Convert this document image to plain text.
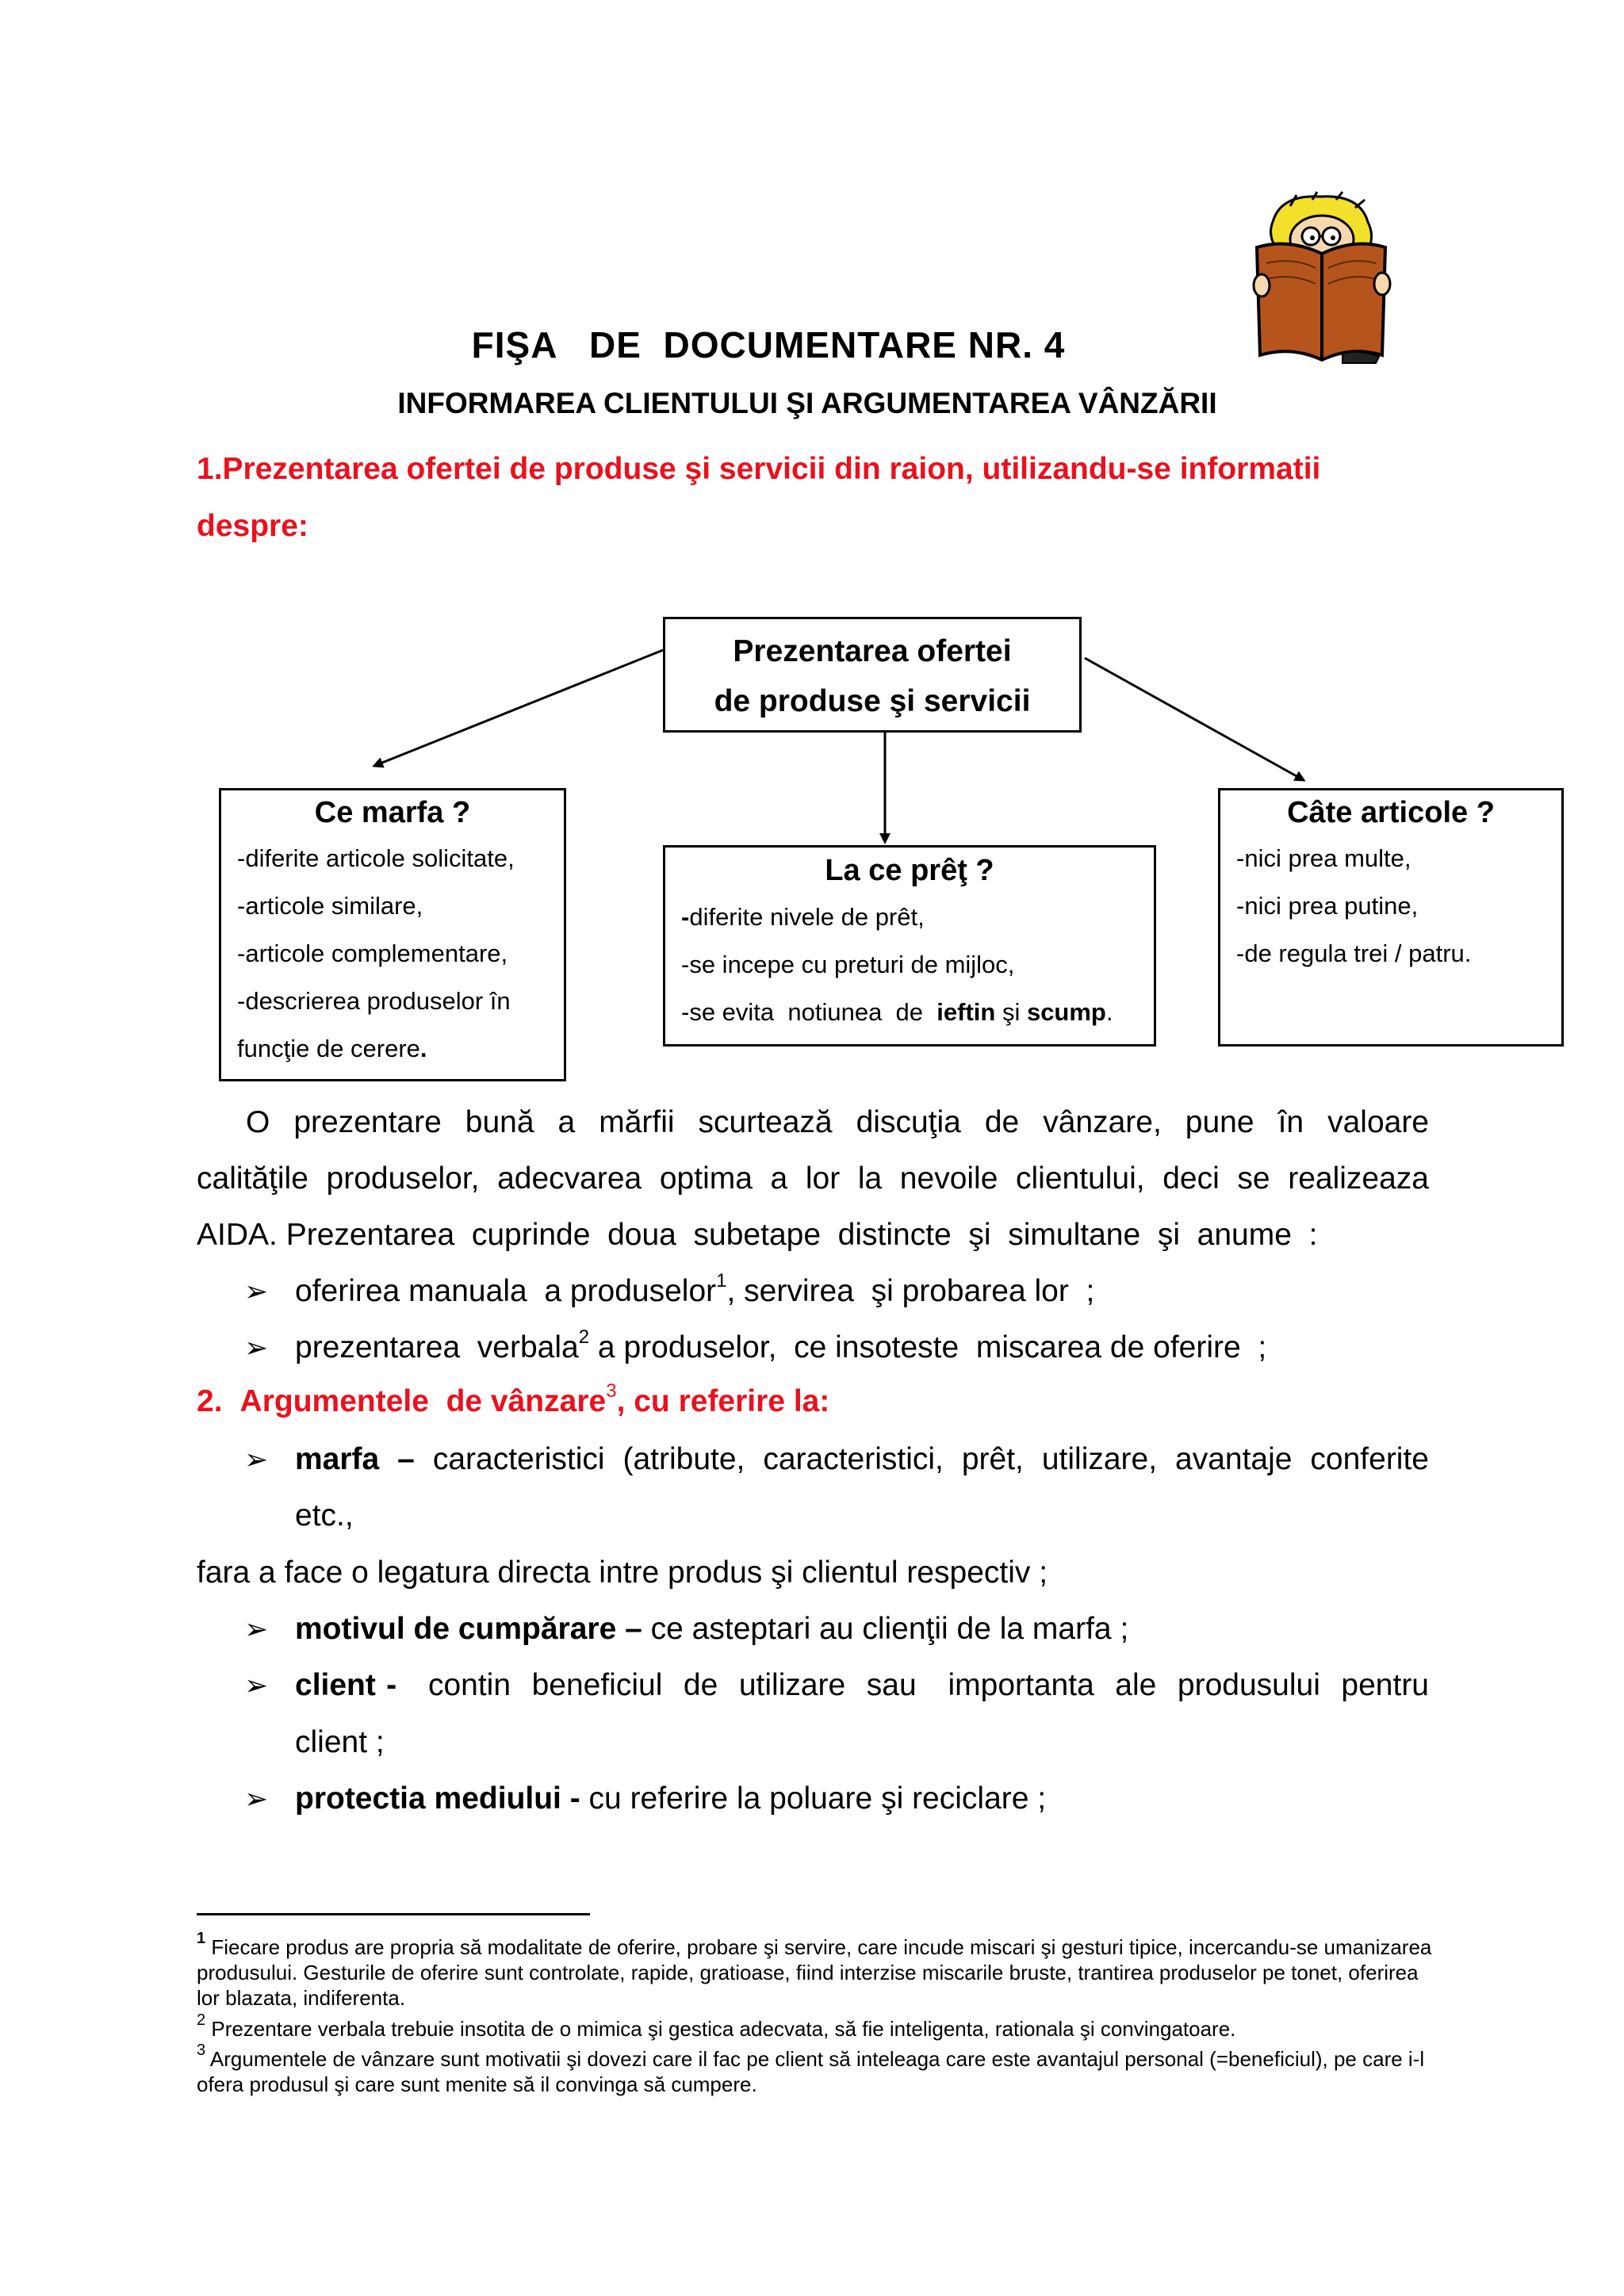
FIŞA   DE  DOCUMENTARE NR. 4
INFORMAREA CLIENTULUI ŞI ARGUMENTAREA VÂNZĂRII
1.Prezentarea ofertei de produse şi servicii din raion, utilizandu-se informatii
despre:
Prezentarea ofertei
de produse şi servicii
Ce marfa ?
-diferite articole solicitate,
-articole similare,
-articole complementare,
-descrierea produselor în
funcţie de cerere.
La ce prêţ ?
-diferite nivele de prêt,
-se incepe cu preturi de mijloc,
-se evita  notiunea  de  ieftin şi scump.
Câte articole ?
-nici prea multe,
-nici prea putine,
-de regula trei / patru.
O prezentare bună a mărfii scurtează discuţia de vânzare, pune în valoare
calităţile produselor, adecvarea optima a lor la nevoile clientului, deci se realizeaza
AIDA. Prezentarea  cuprinde  doua  subetape  distincte  şi  simultane  şi  anume  :
➢ oferirea manuala  a produselor$^1$, servirea  şi probarea lor  ;
➢ prezentarea  verbala$^2$ a produselor,  ce insoteste  miscarea de oferire  ;
2. Argumentele  de vânzare$^3$, cu referire la:
➢ marfa – caracteristici (atribute, caracteristici, prêt, utilizare, avantaje conferite
etc.,
fara a face o legatura directa intre produs şi clientul respectiv ;
➢ motivul de cumpărare – ce asteptari au clienţii de la marfa ;
➢ client -   contin  beneficiul  de  utilizare  sau   importanta  ale  produsului  pentru
client ;
➢ protectia mediului - cu referire la poluare şi reciclare ;
$^1$ Fiecare produs are propria să modalitate de oferire, probare şi servire, care incude miscari şi gesturi tipice, incercandu-se umanizarea produsului. Gesturile de oferire sunt controlate, rapide, gratioase, fiind interzise miscarile bruste, trantirea produselor pe tonet, oferirea lor blazata, indiferenta.
$^2$ Prezentare verbala trebuie insotita de o mimica şi gestica adecvata, să fie inteligenta, rationala şi convingatoare.
$^3$ Argumentele de vânzare sunt motivatii şi dovezi care il fac pe client să inteleaga care este avantajul personal (=beneficiul), pe care i-l ofera produsul şi care sunt menite să il convinga să cumpere.
